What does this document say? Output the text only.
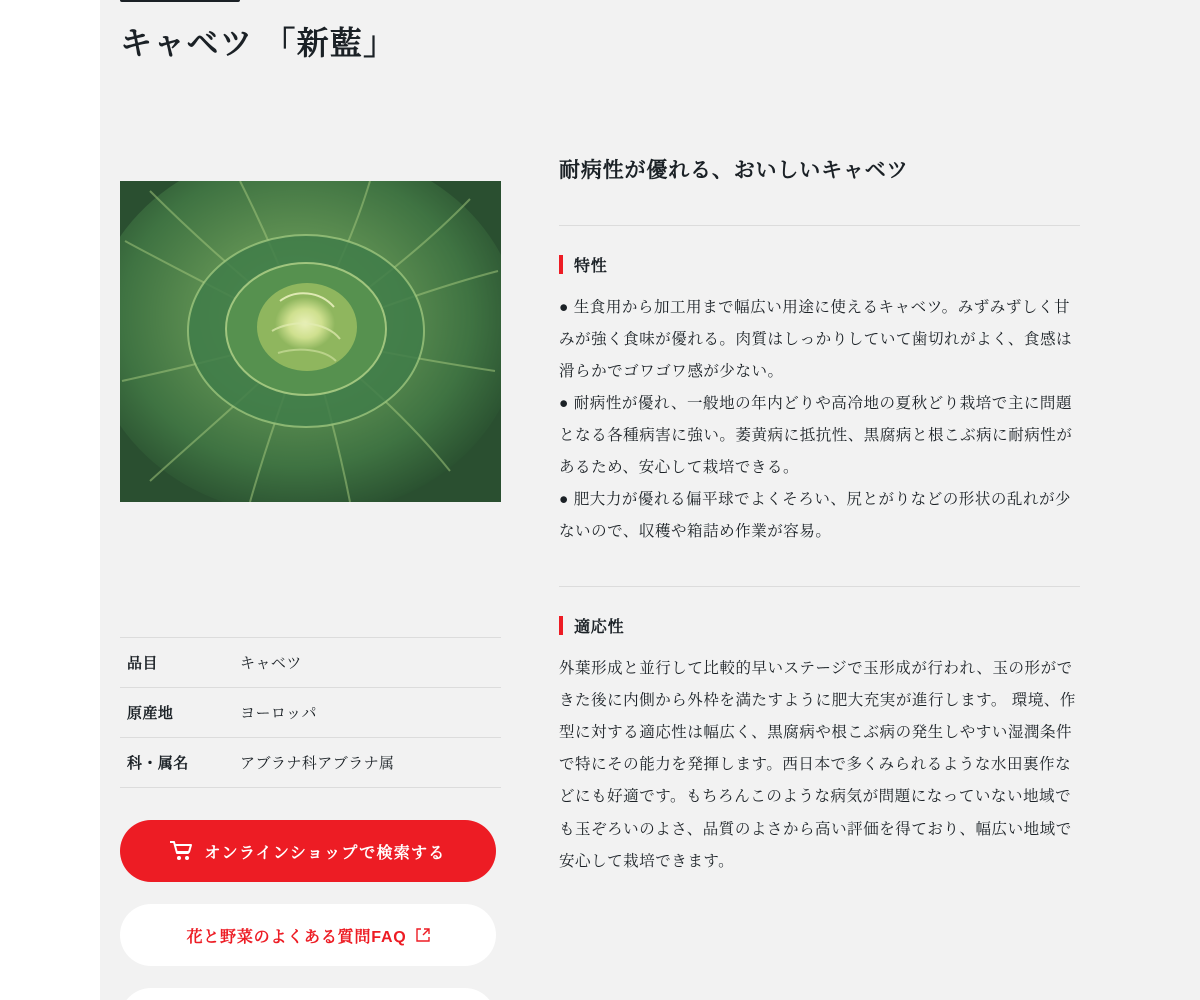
キャベツ 「新藍」
品目	キャベツ
原産地	ヨーロッパ
科・属名	アブラナ科アブラナ属
オンラインショップで検索する
花と野菜のよくある質問FAQ
耐病性が優れる、おいしいキャベツ
特性

● 生食用から加工用まで幅広い用途に使えるキャベツ。みずみずしく甘みが強く食味が優れる。肉質はしっかりしていて歯切れがよく、食感は滑らかでゴワゴワ感が少ない。

● 耐病性が優れ、一般地の年内どりや高冷地の夏秋どり栽培で主に問題となる各種病害に強い。萎黄病に抵抗性、黒腐病と根こぶ病に耐病性があるため、安心して栽培できる。

● 肥大力が優れる偏平球でよくそろい、尻とがりなどの形状の乱れが少ないので、収穫や箱詰め作業が容易。

適応性

外葉形成と並行して比較的早いステージで玉形成が行われ、玉の形ができた後に内側から外枠を満たすように肥大充実が進行します。 環境、作型に対する適応性は幅広く、黒腐病や根こぶ病の発生しやすい湿潤条件で特にその能力を発揮します。西日本で多くみられるような水田裏作などにも好適です。もちろんこのような病気が問題になっていない地域でも玉ぞろいのよさ、品質のよさから高い評価を得ており、幅広い地域で安心して栽培できます。
